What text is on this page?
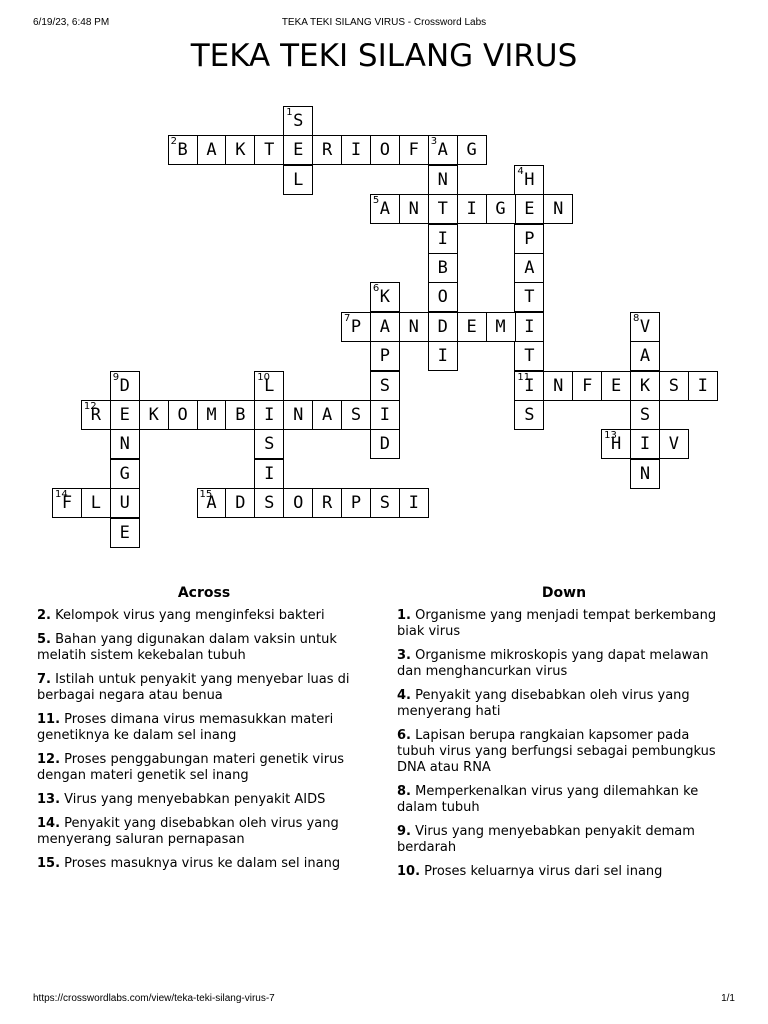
6/19/23, 6:48 PM	TEKA TEKI SILANG VIRUS - Crossword Labs
TEKA TEKI SILANG VIRUS
1 S
E
L
2 B	A	K	T	R	I	O	F	3 A	G
N
T
I
B
O
D
I
4 H
E
P
A
T
I
T
11
I
S
5 A	N	I	G	N
6 K
A
P
S
I
D
7 P	N	E	M	8 V
A
K
S
I
N
9 D
E
N
G
U
E
10
L
I
S
I
S
N	F	E	S	I
12
R	K	O	M	B	N	A	S
13
H	V
14
F	L	15
A	D	O	R	P	S	I
Across
2. Kelompok virus yang menginfeksi bakteri
5. Bahan yang digunakan dalam vaksin untuk melatih sistem kekebalan tubuh
7. Istilah untuk penyakit yang menyebar luas di berbagai negara atau benua
11. Proses dimana virus memasukkan materi genetiknya ke dalam sel inang
12. Proses penggabungan materi genetik virus dengan materi genetik sel inang
13. Virus yang menyebabkan penyakit AIDS
14. Penyakit yang disebabkan oleh virus yang menyerang saluran pernapasan
15. Proses masuknya virus ke dalam sel inang
Down
1. Organisme yang menjadi tempat berkembang biak virus
3. Organisme mikroskopis yang dapat melawan dan menghancurkan virus
4. Penyakit yang disebabkan oleh virus yang menyerang hati
6. Lapisan berupa rangkaian kapsomer pada tubuh virus yang berfungsi sebagai pembungkus DNA atau RNA
8. Memperkenalkan virus yang dilemahkan ke dalam tubuh
9. Virus yang menyebabkan penyakit demam berdarah
10. Proses keluarnya virus dari sel inang
https://crosswordlabs.com/view/teka-teki-silang-virus-7	1/1
